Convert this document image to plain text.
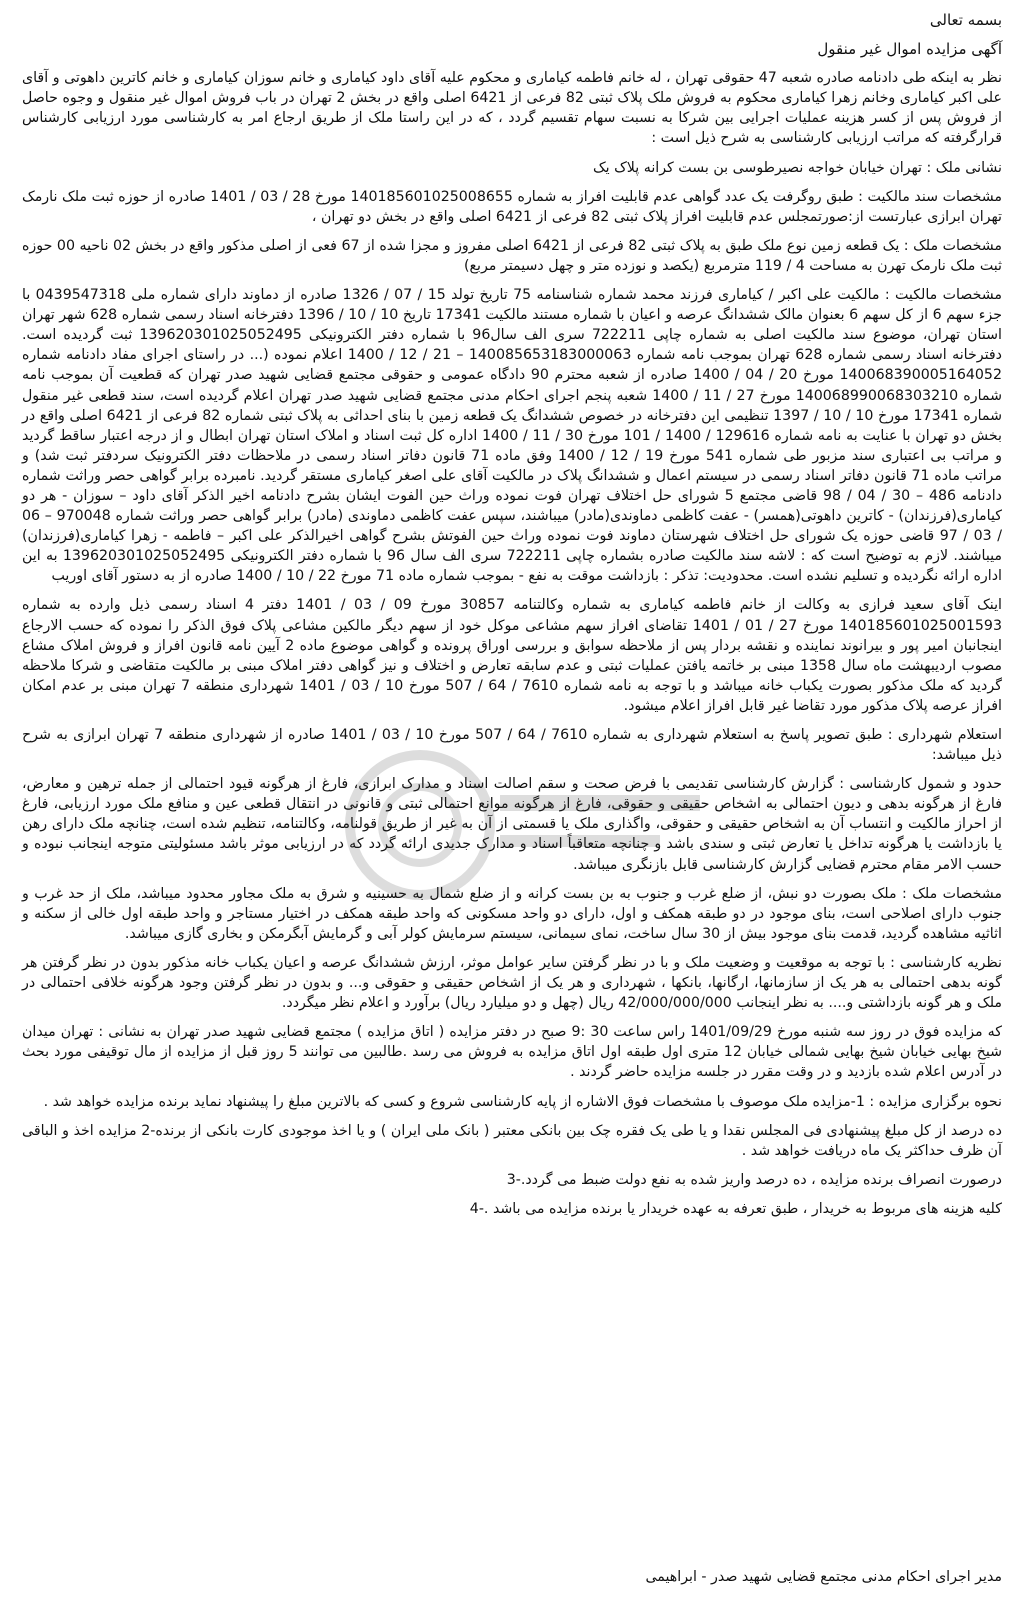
بسمه تعالی

آگهی مزایده اموال غیر منقول

نظر به اینکه طی دادنامه صادره شعبه 47 حقوقی تهران ، له خانم فاطمه کیاماری و محکوم علیه آقای داود کیاماری و خانم سوزان کیاماری و خانم کاترین داهوتی و آقای علی اکبر کیاماری وخانم زهرا کیاماری محکوم به فروش ملک پلاک ثبتی 82 فرعی از 6421 اصلی واقع در بخش 2 تهران در باب فروش اموال غیر منقول و وجوه حاصل از فروش پس از کسر هزینه عملیات اجرایی بین شرکا به نسبت سهام تقسیم گردد ، که در این راستا ملک از طریق ارجاع امر به کارشناسی مورد ارزیابی کارشناس قرارگرفته که مراتب ارزیابی کارشناسی به شرح ذیل است :

نشانی ملک : تهران خیابان خواجه نصیرطوسی بن بست کرانه پلاک یک

مشخصات سند مالکیت : طبق روگرفت یک عدد گواهی عدم قابلیت افراز به شماره 140185601025008655 مورخ 28 / 03 / 1401 صادره از حوزه ثبت ملک نارمک تهران ابرازی عبارتست از:صورتمجلس عدم قابلیت افراز پلاک ثبتی 82 فرعی از 6421 اصلی واقع در بخش دو تهران ،

مشخصات ملک : یک قطعه زمین نوع ملک طبق به پلاک ثبتی 82 فرعی از 6421 اصلی مفروز و مجزا شده از 67 فعی از اصلی مذکور واقع در بخش 02 ناحیه 00 حوزه ثبت ملک نارمک تهرن به مساحت 4 / 119 مترمربع (یکصد و نوزده متر و چهل دسیمتر مربع)

مشخصات مالکیت : مالکیت علی اکبر / کیاماری فرزند محمد شماره شناسنامه 75 تاریخ تولد 15 / 07 / 1326 صادره از دماوند دارای شماره ملی 0439547318 با جزء سهم 6 از کل سهم 6 بعنوان مالک ششدانگ عرصه و اعیان با شماره مستند مالکیت 17341 تاریخ 10 / 10 / 1396 دفترخانه اسناد رسمی شماره 628 شهر تهران استان تهران، موضوع سند مالکیت اصلی به شماره چاپی 722211 سری الف سال96 با شماره دفتر الکترونیکی 139620301025052495 ثبت گردیده است. دفترخانه اسناد رسمی شماره 628 تهران بموجب نامه شماره 140085653183000063 – 21 / 12 / 1400 اعلام نموده (... در راستای اجرای مفاد دادنامه شماره 140068390005164052 مورخ 20 / 04 / 1400 صادره از شعبه محترم 90 دادگاه عمومی و حقوقی مجتمع قضایی شهید صدر تهران که قطعیت آن بموجب نامه شماره 140068990068303210 مورخ 27 / 11 / 1400 شعبه پنجم اجرای احکام مدنی مجتمع قضایی شهید صدر تهران اعلام گردیده است، سند قطعی غیر منقول شماره 17341 مورخ 10 / 10 / 1397 تنظیمی این دفترخانه در خصوص ششدانگ یک قطعه زمین با بنای احداثی به پلاک ثبتی شماره 82 فرعی از 6421 اصلی واقع در بخش دو تهران با عنایت به نامه شماره 129616 / 1400 / 101 مورخ 30 / 11 / 1400 اداره کل ثبت اسناد و املاک استان تهران ابطال و از درجه اعتبار ساقط گردید و مراتب بی اعتباری سند مزبور طی شماره 541 مورخ 19 / 12 / 1400 وفق ماده 71 قانون دفاتر اسناد رسمی در ملاحظات دفتر الکترونیک سردفتر ثبت شد) و مراتب ماده 71 قانون دفاتر اسناد رسمی در سیستم اعمال و ششدانگ پلاک در مالکیت آقای علی اصغر کیاماری مستقر گردید. نامبرده برابر گواهی حصر وراثت شماره دادنامه 486 – 30 / 04 / 98 قاضی مجتمع 5 شورای حل اختلاف تهران فوت نموده وراث حین الفوت ایشان بشرح دادنامه اخیر الذکر آقای داود – سوزان - هر دو کیاماری(فرزندان) - کاترین داهوتی(همسر) - عفت کاظمی دماوندی(مادر) میباشند، سپس عفت کاظمی دماوندی (مادر) برابر گواهی حصر وراثت شماره 970048 – 06 / 03 / 97 قاضی حوزه یک شورای حل اختلاف شهرستان دماوند فوت نموده وراث حین الفوتش بشرح گواهی اخیرالذکر علی اکبر – فاطمه - زهرا کیاماری(فرزندان) میباشند. لازم به توضیح است که : لاشه سند مالکیت صادره بشماره چاپی 722211 سری الف سال 96 با شماره دفتر الکترونیکی 139620301025052495 به این اداره ارائه نگردیده و تسلیم نشده است. محدودیت: تذکر : بازداشت موقت به نفع - بموجب شماره ماده 71 مورخ 22 / 10 / 1400 صادره از به دستور آقای اوریب

اینک آقای سعید فرازی به وکالت از خانم فاطمه کیاماری به شماره وکالتنامه 30857 مورخ 09 / 03 / 1401 دفتر 4 اسناد رسمی ذیل وارده به شماره 140185601025001593 مورخ 27 / 01 / 1401 تقاضای افراز سهم مشاعی موکل خود از سهم دیگر مالکین مشاعی پلاک فوق الذکر را نموده که حسب الارجاع اینجانبان امیر پور و بیرانوند نماینده و نقشه بردار پس از ملاحظه سوابق و بررسی اوراق پرونده و گواهی موضوع ماده 2 آیین نامه قانون افراز و فروش املاک مشاع مصوب اردیبهشت ماه سال 1358 مبنی بر خاتمه یافتن عملیات ثبتی و عدم سابقه تعارض و اختلاف و نیز گواهی دفتر املاک مبنی بر مالکیت متقاضی و شرکا ملاحظه گردید که ملک مذکور بصورت یکباب خانه میباشد و با توجه به نامه شماره 7610 / 64 / 507 مورخ 10 / 03 / 1401 شهرداری منطقه 7 تهران مبنی بر عدم امکان افراز عرصه پلاک مذکور مورد تقاضا غیر قابل افراز اعلام میشود.

استعلام شهرداری : طبق تصویر پاسخ به استعلام شهرداری به شماره 7610 / 64 / 507 مورخ 10 / 03 / 1401 صادره از شهرداری منطقه 7 تهران ابرازی به شرح ذیل میباشد:

حدود و شمول کارشناسی : گزارش کارشناسی تقدیمی با فرض صحت و سقم اصالت اسناد و مدارک ابرازی، فارغ از هرگونه قیود احتمالی از جمله ترهین و معارض، فارغ از هرگونه بدهی و دیون احتمالی به اشخاص حقیقی و حقوقی، فارغ از هرگونه موانع احتمالی ثبتی و قانونی در انتقال قطعی عین و منافع ملک مورد ارزیابی، فارغ از احراز مالکیت و انتساب آن به اشخاص حقیقی و حقوقی، واگذاری ملک یا قسمتی از آن به غیر از طریق قولنامه، وکالتنامه، تنظیم شده است، چنانچه ملک دارای رهن یا بازداشت یا هرگونه تداخل یا تعارض ثبتی و سندی باشد و چنانچه متعاقباً اسناد و مدارک جدیدی ارائه گردد که در ارزیابی موثر باشد مسئولیتی متوجه اینجانب نبوده و حسب الامر مقام محترم قضایی گزارش کارشناسی قابل بازنگری میباشد.

مشخصات ملک : ملک بصورت دو نبش، از ضلع غرب و جنوب به بن بست کرانه و از ضلع شمال به حسینیه و شرق به ملک مجاور محدود میباشد، ملک از حد غرب و جنوب دارای اصلاحی است، بنای موجود در دو طبقه همکف و اول، دارای دو واحد مسکونی که واحد طبقه همکف در اختیار مستاجر و واحد طبقه اول خالی از سکنه و اثاثیه مشاهده گردید، قدمت بنای موجود بیش از 30 سال ساخت، نمای سیمانی، سیستم سرمایش کولر آبی و گرمایش آبگرمکن و بخاری گازی میباشد.

نظریه کارشناسی : با توجه به موقعیت و وضعیت ملک و با در نظر گرفتن سایر عوامل موثر، ارزش ششدانگ عرصه و اعیان یکباب خانه مذکور بدون در نظر گرفتن هر گونه بدهی احتمالی به هر یک از سازمانها، ارگانها، بانکها ، شهرداری و هر یک از اشخاص حقیقی و حقوقی و... و بدون در نظر گرفتن وجود هرگونه خلافی احتمالی در ملک و هر گونه بازداشتی و.... به نظر اینجانب 42/000/000/000 ریال (چهل و دو میلیارد ریال) برآورد و اعلام نظر میگردد.

که مزایده فوق در روز سه شنبه مورخ 1401/09/29 راس ساعت 30 :9 صبح در دفتر مزایده ( اتاق مزایده ) مجتمع قضایی شهید صدر تهران به نشانی : تهران میدان شیخ بهایی خیابان شیخ بهایی شمالی خیابان 12 متری اول طبقه اول اتاق مزایده به فروش می رسد .طالبین می توانند 5 روز قبل از مزایده از مال توقیفی مورد بحث در آدرس اعلام شده بازدید و در وقت مقرر در جلسه مزایده حاضر گردند .

نحوه برگزاری مزایده : 1-مزایده ملک موصوف با مشخصات فوق الاشاره از پایه کارشناسی شروع و کسی که بالاترین مبلغ را پیشنهاد نماید برنده مزایده خواهد شد .

ده درصد از کل مبلغ پیشنهادی فی المجلس نقدا و یا طی یک فقره چک بین بانکی معتبر ( بانک ملی ایران ) و یا اخذ موجودی کارت بانکی از برنده-2 مزایده اخذ و الباقی آن ظرف حداکثر یک ماه دریافت خواهد شد .

درصورت انصراف برنده مزایده ، ده درصد واریز شده به نفع دولت ضبط می گردد.-3

کلیه هزینه های مربوط به خریدار ، طبق تعرفه به عهده خریدار یا برنده مزایده می باشد .-4

مدیر اجرای احکام مدنی مجتمع قضایی شهید صدر - ابراهیمی
